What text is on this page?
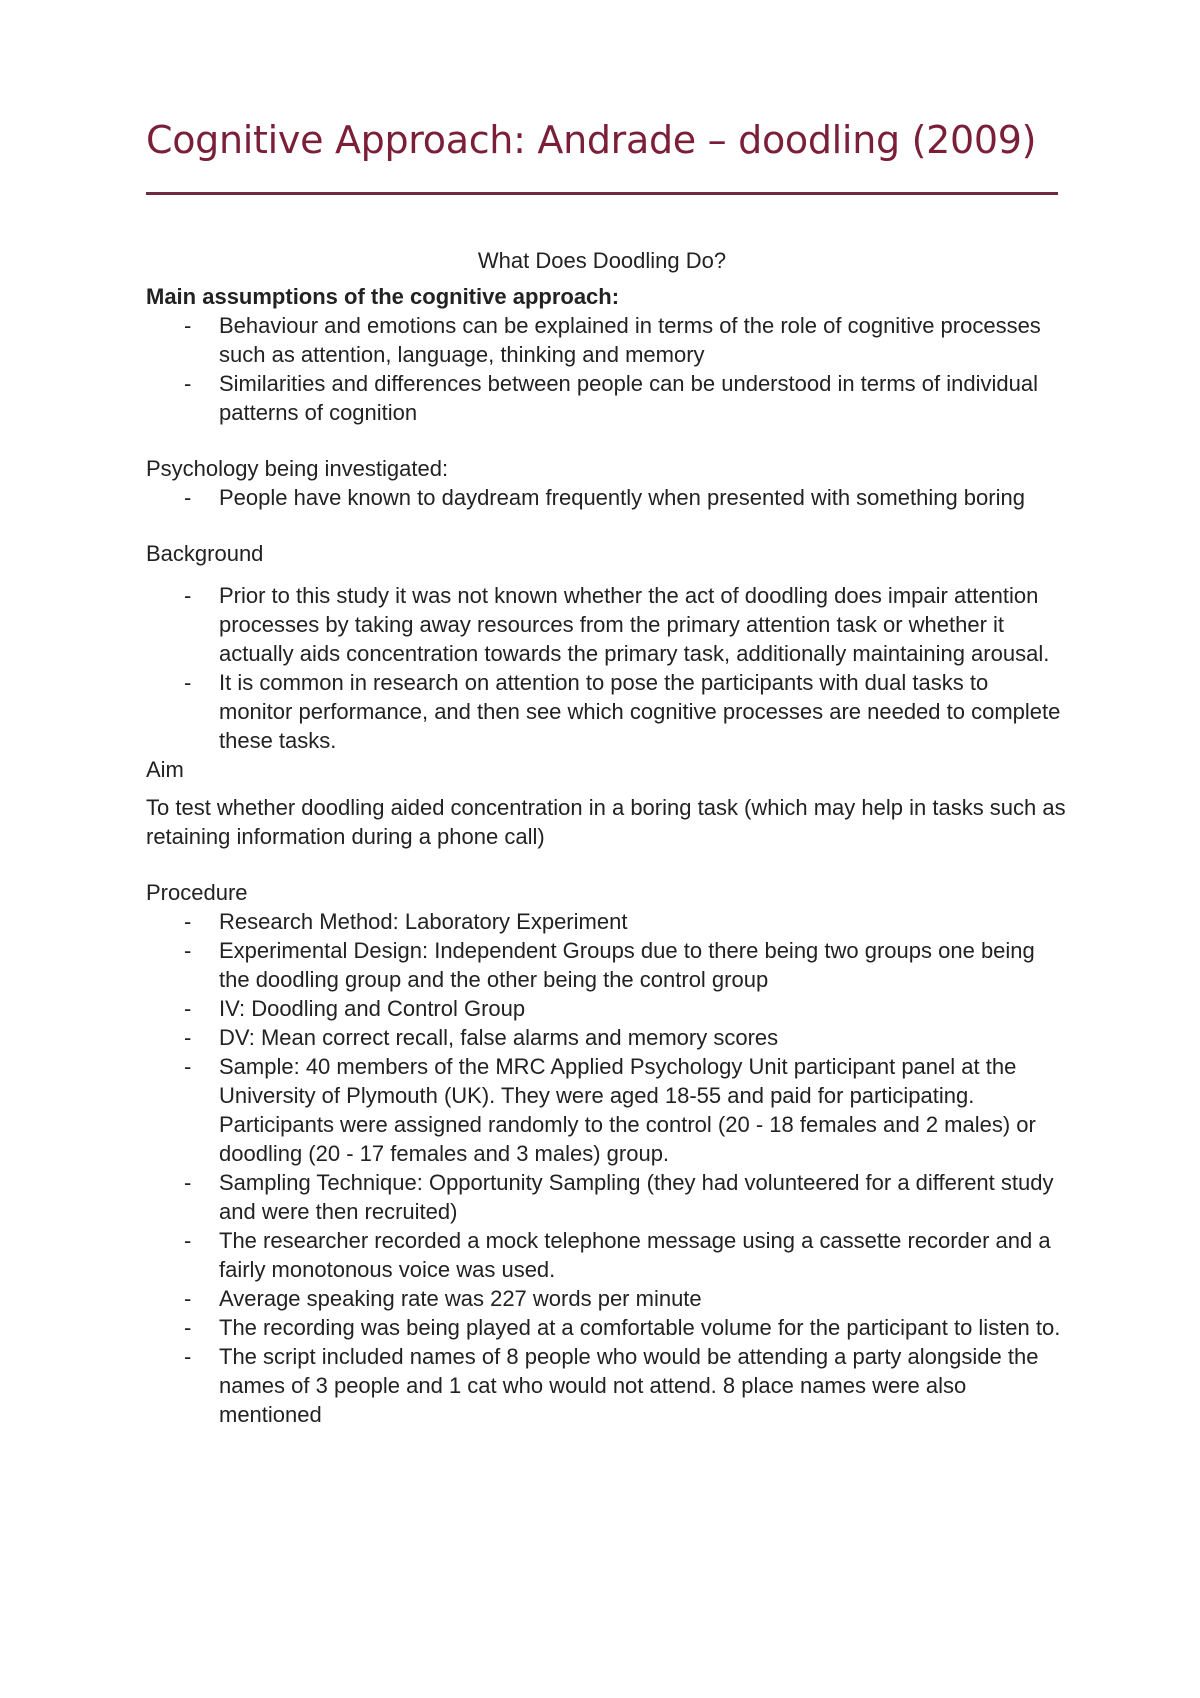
Cognitive Approach: Andrade – doodling (2009)
What Does Doodling Do?
Main assumptions of the cognitive approach:
- Behaviour and emotions can be explained in terms of the role of cognitive processes such as attention, language, thinking and memory
- Similarities and differences between people can be understood in terms of individual patterns of cognition
Psychology being investigated:
- People have known to daydream frequently when presented with something boring
Background
- Prior to this study it was not known whether the act of doodling does impair attention processes by taking away resources from the primary attention task or whether it actually aids concentration towards the primary task, additionally maintaining arousal.
- It is common in research on attention to pose the participants with dual tasks to monitor performance, and then see which cognitive processes are needed to complete these tasks.
Aim
To test whether doodling aided concentration in a boring task (which may help in tasks such as retaining information during a phone call)
Procedure
- Research Method: Laboratory Experiment
- Experimental Design: Independent Groups due to there being two groups one being the doodling group and the other being the control group
- IV: Doodling and Control Group
- DV: Mean correct recall, false alarms and memory scores
- Sample: 40 members of the MRC Applied Psychology Unit participant panel at the University of Plymouth (UK). They were aged 18-55 and paid for participating. Participants were assigned randomly to the control (20 - 18 females and 2 males) or doodling (20 - 17 females and 3 males) group.
- Sampling Technique: Opportunity Sampling (they had volunteered for a different study and were then recruited)
- The researcher recorded a mock telephone message using a cassette recorder and a fairly monotonous voice was used.
- Average speaking rate was 227 words per minute
- The recording was being played at a comfortable volume for the participant to listen to.
- The script included names of 8 people who would be attending a party alongside the names of 3 people and 1 cat who would not attend. 8 place names were also mentioned
